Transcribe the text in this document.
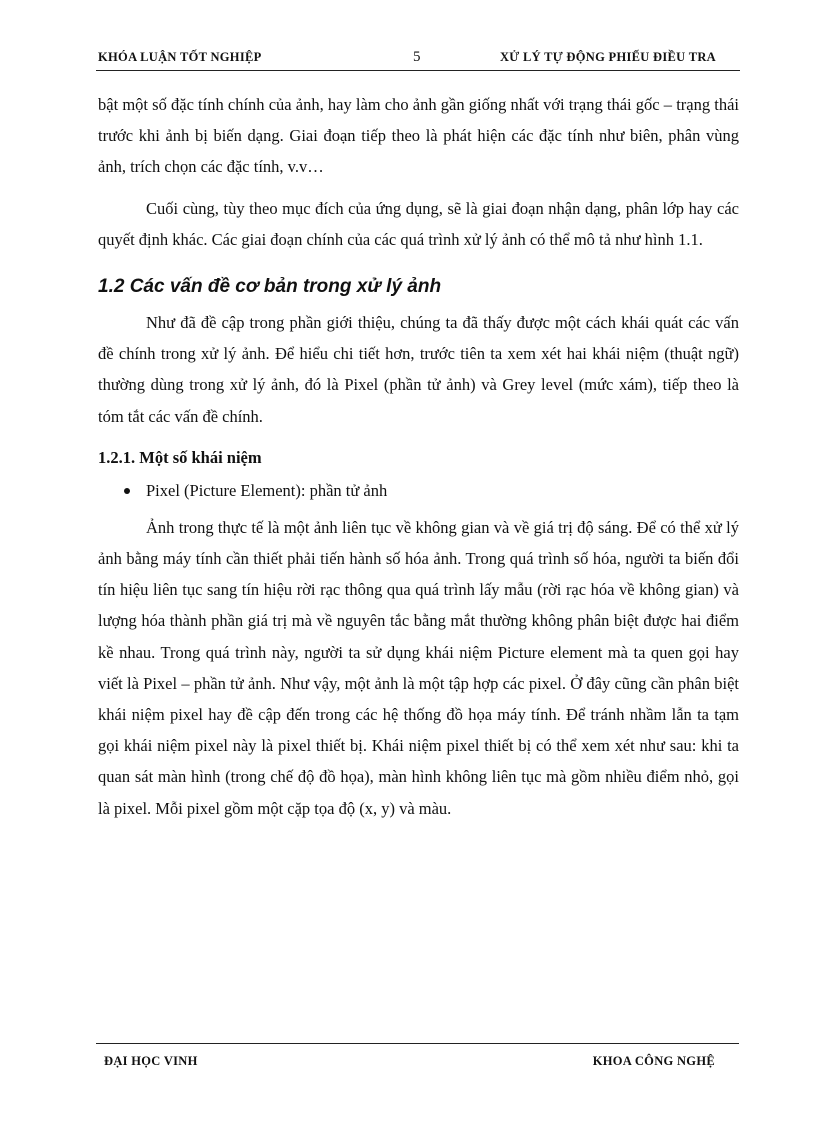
KHÓA LUẬN TỐT NGHIỆP	5	XỬ LÝ TỰ ĐỘNG PHIẾU ĐIỀU TRA

bật một số đặc tính chính của ảnh, hay làm cho ảnh gần giống nhất với trạng thái gốc – trạng thái trước khi ảnh bị biến dạng. Giai đoạn tiếp theo là phát hiện các đặc tính như biên, phân vùng ảnh, trích chọn các đặc tính, v.v…

Cuối cùng, tùy theo mục đích của ứng dụng, sẽ là giai đoạn nhận dạng, phân lớp hay các quyết định khác. Các giai đoạn chính của các quá trình xử lý ảnh có thể mô tả như hình 1.1.

1.2 Các vấn đề cơ bản trong xử lý ảnh

Như đã đề cập trong phần giới thiệu, chúng ta đã thấy được một cách khái quát các vấn đề chính trong xử lý ảnh. Để hiểu chi tiết hơn, trước tiên ta xem xét hai khái niệm (thuật ngữ) thường dùng trong xử lý ảnh, đó là Pixel (phần tử ảnh) và Grey level (mức xám), tiếp theo là tóm tắt các vấn đề chính.

1.2.1. Một số khái niệm
Pixel (Picture Element): phần tử ảnh

Ảnh trong thực tế là một ảnh liên tục về không gian và về giá trị độ sáng. Để có thể xử lý ảnh bằng máy tính cần thiết phải tiến hành số hóa ảnh. Trong quá trình số hóa, người ta biến đổi tín hiệu liên tục sang tín hiệu rời rạc thông qua quá trình lấy mẫu (rời rạc hóa về không gian) và lượng hóa thành phần giá trị mà về nguyên tắc bằng mắt thường không phân biệt được hai điểm kề nhau. Trong quá trình này, người ta sử dụng khái niệm Picture element mà ta quen gọi hay viết là Pixel – phần tử ảnh. Như vậy, một ảnh là một tập hợp các pixel. Ở đây cũng cần phân biệt khái niệm pixel hay đề cập đến trong các hệ thống đồ họa máy tính. Để tránh nhầm lẫn ta tạm gọi khái niệm pixel này là pixel thiết bị. Khái niệm pixel thiết bị có thể xem xét như sau: khi ta quan sát màn hình (trong chế độ đồ họa), màn hình không liên tục mà gồm nhiều điểm nhỏ, gọi là pixel. Mỗi pixel gồm một cặp tọa độ (x, y) và màu.

ĐẠI HỌC VINH	KHOA CÔNG NGHỆ
